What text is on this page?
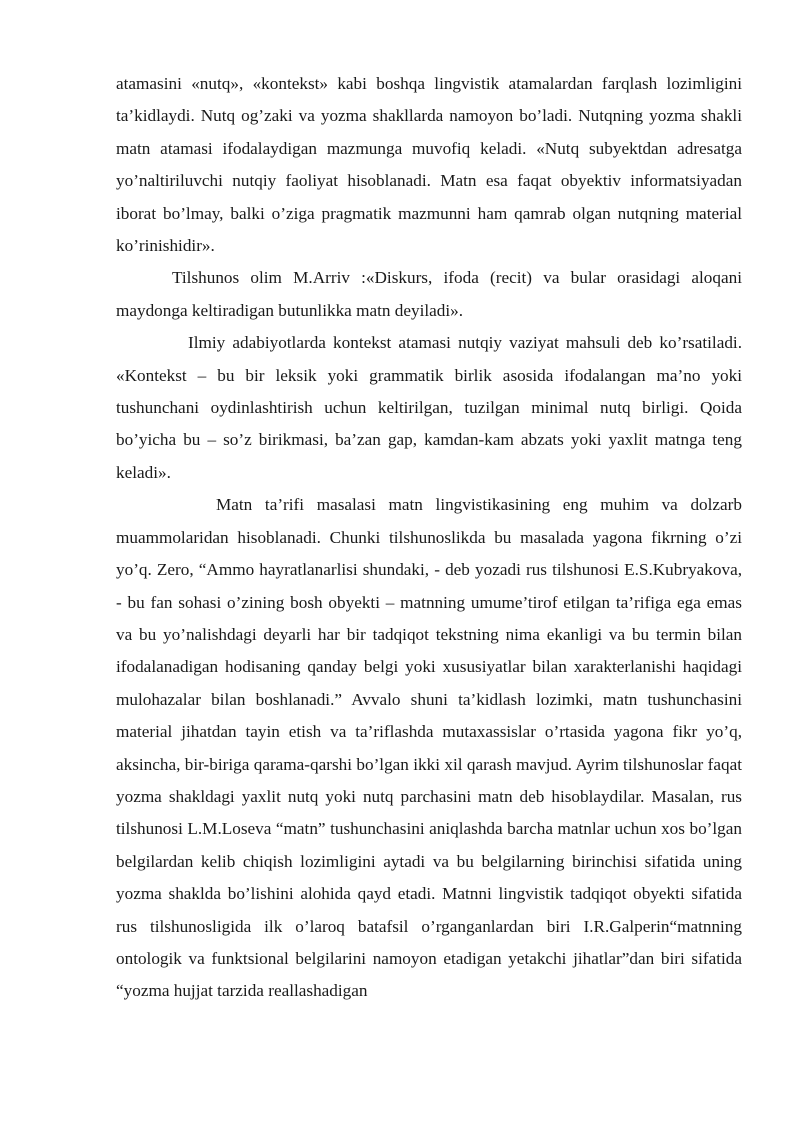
atamasini «nutq», «kontekst» kabi boshqa lingvistik atamalardan farqlash lozimligini ta’kidlaydi. Nutq og’zaki va yozma shakllarda namoyon bo’ladi. Nutqning yozma shakli matn atamasi ifodalaydigan mazmunga muvofiq keladi. «Nutq subyektdan adresatga yo’naltiriluvchi nutqiy faoliyat hisoblanadi. Matn esa faqat obyektiv informatsiyadan iborat bo’lmay, balki o’ziga pragmatik mazmunni ham qamrab olgan nutqning material ko’rinishidir».

Tilshunos olim M.Arriv :«Diskurs, ifoda (recit) va bular orasidagi aloqani maydonga keltiradigan butunlikka matn deyiladi».

Ilmiy adabiyotlarda kontekst atamasi nutqiy vaziyat mahsuli deb ko’rsatiladi. «Kontekst – bu bir leksik yoki grammatik birlik asosida ifodalangan ma’no yoki tushunchani oydinlashtirish uchun keltirilgan, tuzilgan minimal nutq birligi. Qoida bo’yicha bu – so’z birikmasi, ba’zan gap, kamdan-kam abzats yoki yaxlit matnga teng keladi».

Matn ta’rifi masalasi matn lingvistikasining eng muhim va dolzarb muammolaridan hisoblanadi. Chunki tilshunoslikda bu masalada yagona fikrning o’zi yo’q. Zero, “Ammo hayratlanarlisi shundaki, - deb yozadi rus tilshunosi E.S.Kubryakova, - bu fan sohasi o’zining bosh obyekti – matnning umume’tirof etilgan ta’rifiga ega emas va bu yo’nalishdagi deyarli har bir tadqiqot tekstning nima ekanligi va bu termin bilan ifodalanadigan hodisaning qanday belgi yoki xususiyatlar bilan xarakterlanishi haqidagi mulohazalar bilan boshlanadi.” Avvalo shuni ta’kidlash lozimki, matn tushunchasini material jihatdan tayin etish va ta’riflashda mutaxassislar o’rtasida yagona fikr yo’q, aksincha, bir-biriga qarama-qarshi bo’lgan ikki xil qarash mavjud. Ayrim tilshunoslar faqat yozma shakldagi yaxlit nutq yoki nutq parchasini matn deb hisoblaydilar. Masalan, rus tilshunosi L.M.Loseva “matn” tushunchasini aniqlashda barcha matnlar uchun xos bo’lgan belgilardan kelib chiqish lozimligini aytadi va bu belgilarning birinchisi sifatida uning yozma shaklda bo’lishini alohida qayd etadi. Matnni lingvistik tadqiqot obyekti sifatida rus tilshunosligida ilk o’laroq batafsil o’rganganlardan biri I.R.Galperin“matnning ontologik va funktsional belgilarini namoyon etadigan yetakchi jihatlar”dan biri sifatida “yozma hujjat tarzida reallashadigan
